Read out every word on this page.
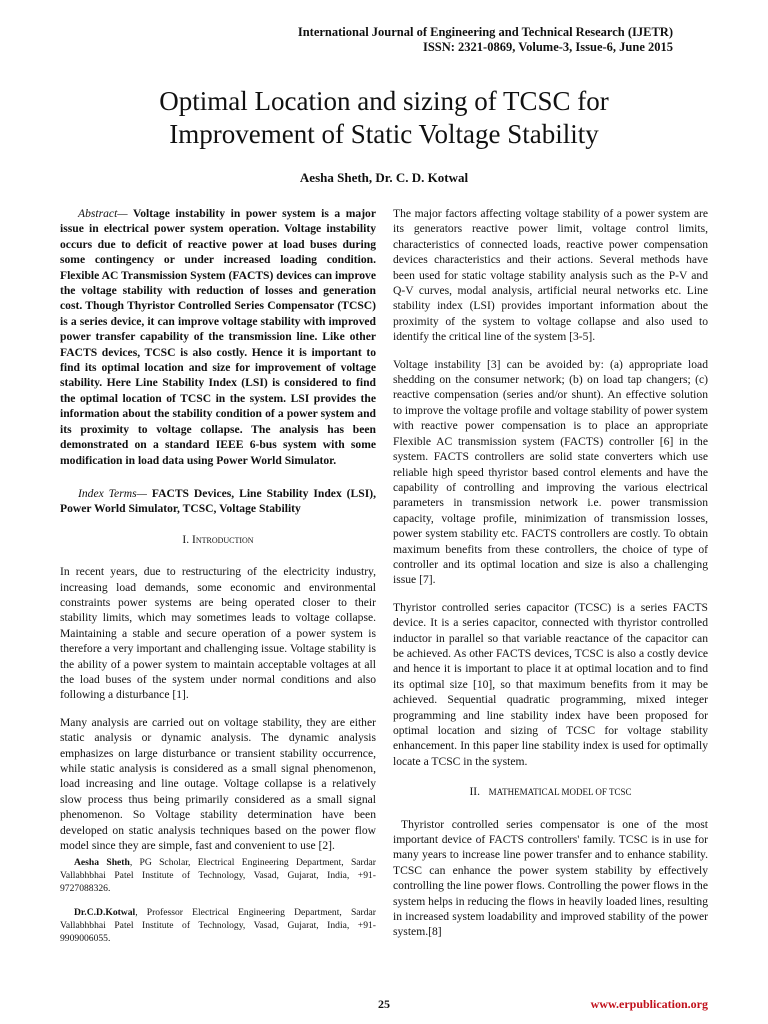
International Journal of Engineering and Technical Research (IJETR)
ISSN: 2321-0869, Volume-3, Issue-6, June 2015
Optimal Location and sizing of TCSC for
Improvement of Static Voltage Stability
Aesha Sheth, Dr. C. D. Kotwal

Abstract— Voltage instability in power system is a major issue in electrical power system operation. Voltage instability occurs due to deficit of reactive power at load buses during some contingency or under increased loading condition. Flexible AC Transmission System (FACTS) devices can improve the voltage stability with reduction of losses and generation cost. Though Thyristor Controlled Series Compensator (TCSC) is a series device, it can improve voltage stability with improved power transfer capability of the transmission line. Like other FACTS devices, TCSC is also costly. Hence it is important to find its optimal location and size for improvement of voltage stability. Here Line Stability Index (LSI) is considered to find the optimal location of TCSC in the system. LSI provides the information about the stability condition of a power system and its proximity to voltage collapse. The analysis has been demonstrated on a standard IEEE 6-bus system with some modification in load data using Power World Simulator.

Index Terms— FACTS Devices, Line Stability Index (LSI), Power World Simulator, TCSC, Voltage Stability

I. Introduction

In recent years, due to restructuring of the electricity industry, increasing load demands, some economic and environmental constraints power systems are being operated closer to their stability limits, which may sometimes leads to voltage collapse. Maintaining a stable and secure operation of a power system is therefore a very important and challenging issue. Voltage stability is the ability of a power system to maintain acceptable voltages at all the load buses of the system under normal conditions and also following a disturbance [1].

Many analysis are carried out on voltage stability, they are either static analysis or dynamic analysis. The dynamic analysis emphasizes on large disturbance or transient stability occurrence, while static analysis is considered as a small signal phenomenon, load increasing and line outage. Voltage collapse is a relatively slow process thus being primarily considered as a small signal phenomenon. So Voltage stability determination have been developed on static analysis techniques based on the power flow model since they are simple, fast and convenient to use [2].

Aesha Sheth, PG Scholar, Electrical Engineering Department, Sardar Vallabhbhai Patel Institute of Technology, Vasad, Gujarat, India, +91-9727088326.

Dr.C.D.Kotwal, Professor Electrical Engineering Department, Sardar Vallabhbhai Patel Institute of Technology, Vasad, Gujarat, India, +91-9909006055.

The major factors affecting voltage stability of a power system are its generators reactive power limit, voltage control limits, characteristics of connected loads, reactive power compensation devices characteristics and their actions. Several methods have been used for static voltage stability analysis such as the P-V and Q-V curves, modal analysis, artificial neural networks etc. Line stability index (LSI) provides important information about the proximity of the system to voltage collapse and also used to identify the critical line of the system [3-5].

Voltage instability [3] can be avoided by: (a) appropriate load shedding on the consumer network; (b) on load tap changers; (c) reactive compensation (series and/or shunt). An effective solution to improve the voltage profile and voltage stability of power system with reactive power compensation is to place an appropriate Flexible AC transmission system (FACTS) controller [6] in the system. FACTS controllers are solid state converters which use reliable high speed thyristor based control elements and have the capability of controlling and improving the various electrical parameters in transmission network i.e. power transmission capacity, voltage profile, minimization of transmission losses, power system stability etc. FACTS controllers are costly. To obtain maximum benefits from these controllers, the choice of type of controller and its optimal location and size is also a challenging issue [7].

Thyristor controlled series capacitor (TCSC) is a series FACTS device. It is a series capacitor, connected with thyristor controlled inductor in parallel so that variable reactance of the capacitor can be achieved. As other FACTS devices, TCSC is also a costly device and hence it is important to place it at optimal location and to find its optimal size [10], so that maximum benefits from it may be achieved. Sequential quadratic programming, mixed integer programming and line stability index have been proposed for optimal location and sizing of TCSC for voltage stability enhancement. In this paper line stability index is used for optimally locate a TCSC in the system.

II. MATHEMATICAL MODEL OF TCSC

Thyristor controlled series compensator is one of the most important device of FACTS controllers' family. TCSC is in use for many years to increase line power transfer and to enhance stability. TCSC can enhance the power system stability by effectively controlling the line power flows. Controlling the power flows in the system helps in reducing the flows in heavily loaded lines, resulting in increased system loadability and improved stability of the power system.[8]

25	www.erpublication.org
